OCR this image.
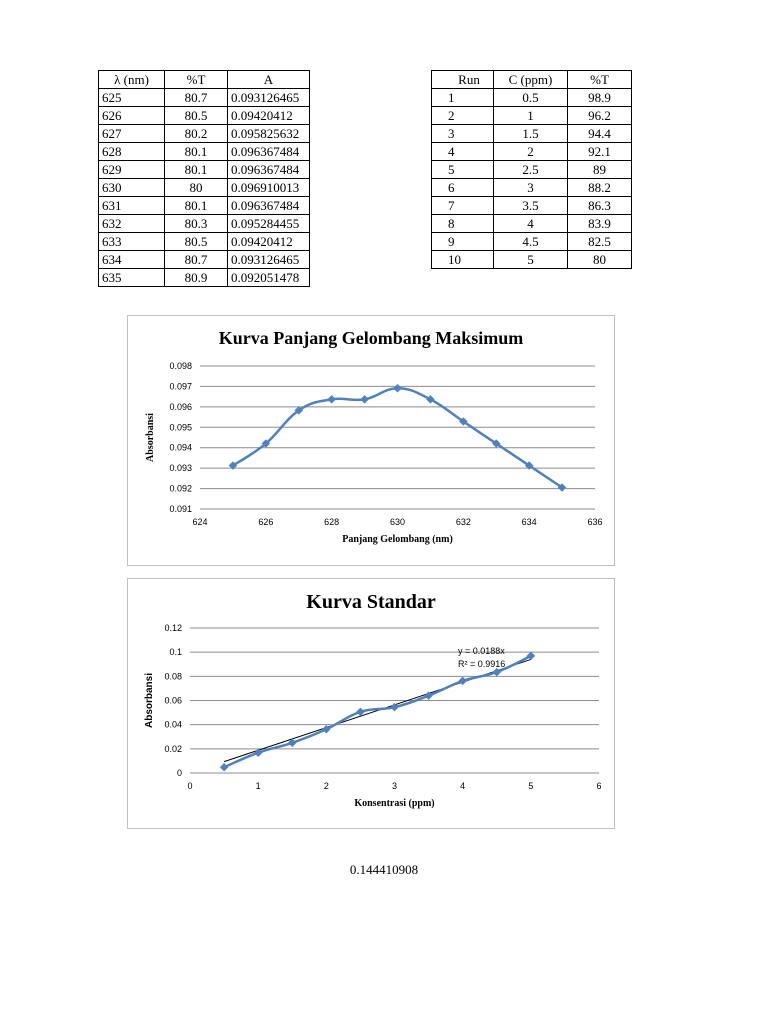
λ (nm)	%T	A
625	80.7	0.093126465
626	80.5	0.09420412
627	80.2	0.095825632
628	80.1	0.096367484
629	80.1	0.096367484
630	80	0.096910013
631	80.1	0.096367484
632	80.3	0.095284455
633	80.5	0.09420412
634	80.7	0.093126465
635	80.9	0.092051478
Run	C (ppm)	%T
1	0.5	98.9
2	1	96.2
3	1.5	94.4
4	2	92.1
5	2.5	89
6	3	88.2
7	3.5	86.3
8	4	83.9
9	4.5	82.5
10	5	80
Kurva Panjang Gelombang Maksimum
0.091
0.092
0.093
0.094
0.095
0.096
0.097
0.098
624	626	628	630	632	634	636
Panjang Gelombang (nm)
Absorbansi
Kurva Standar
0
0.02
0.04
0.06
0.08
0.1
0.12
0	1	2	3	4	5	6
Konsentrasi (ppm)
Absorbansi
y = 0.0188x
R² = 0.9916
0.144410908
